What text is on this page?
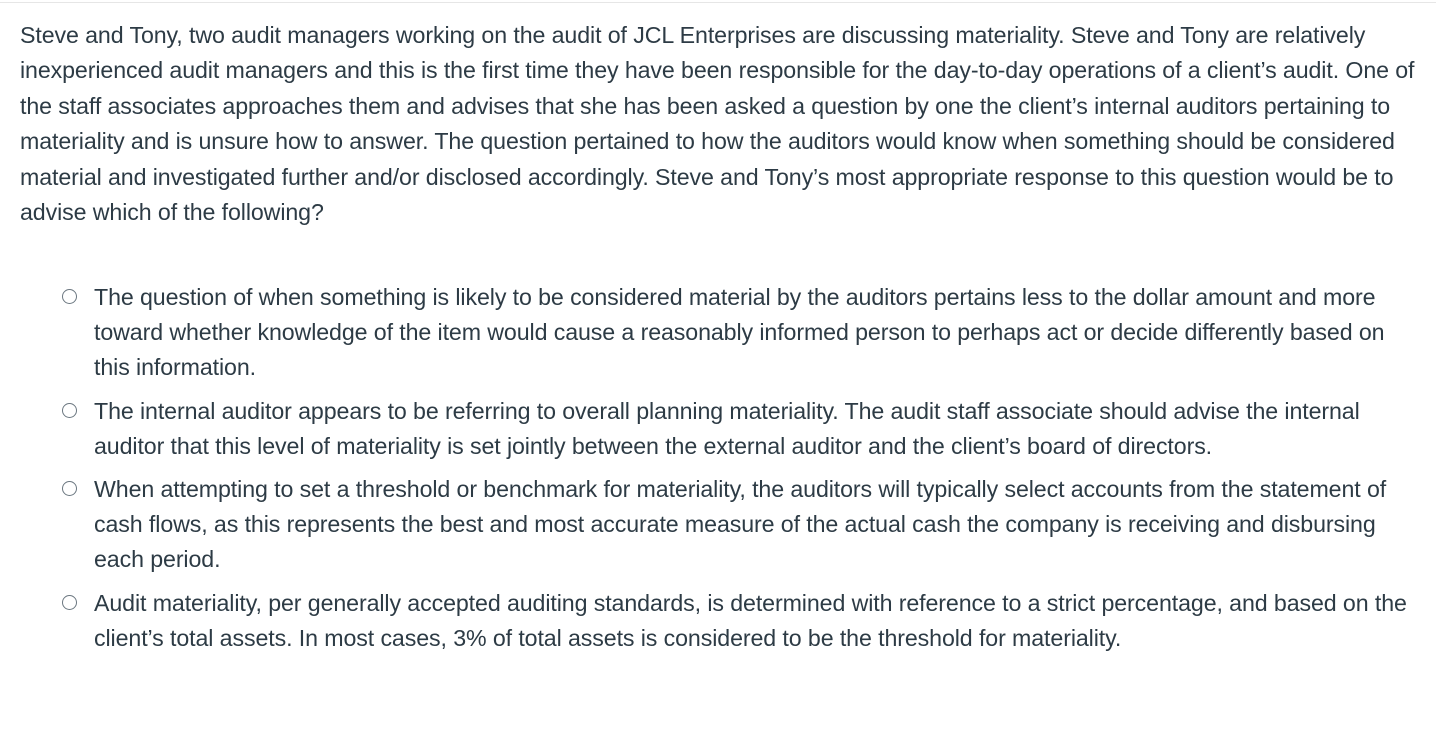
Steve and Tony, two audit managers working on the audit of JCL Enterprises are discussing materiality. Steve and Tony are relatively inexperienced audit managers and this is the first time they have been responsible for the day-to-day operations of a client’s audit. One of the staff associates approaches them and advises that she has been asked a question by one the client’s internal auditors pertaining to materiality and is unsure how to answer. The question pertained to how the auditors would know when something should be considered material and investigated further and/or disclosed accordingly. Steve and Tony’s most appropriate response to this question would be to advise which of the following?

The question of when something is likely to be considered material by the auditors pertains less to the dollar amount and more toward whether knowledge of the item would cause a reasonably informed person to perhaps act or decide differently based on this information.
The internal auditor appears to be referring to overall planning materiality. The audit staff associate should advise the internal auditor that this level of materiality is set jointly between the external auditor and the client’s board of directors.
When attempting to set a threshold or benchmark for materiality, the auditors will typically select accounts from the statement of cash flows, as this represents the best and most accurate measure of the actual cash the company is receiving and disbursing each period.
Audit materiality, per generally accepted auditing standards, is determined with reference to a strict percentage, and based on the client’s total assets. In most cases, 3% of total assets is considered to be the threshold for materiality.
